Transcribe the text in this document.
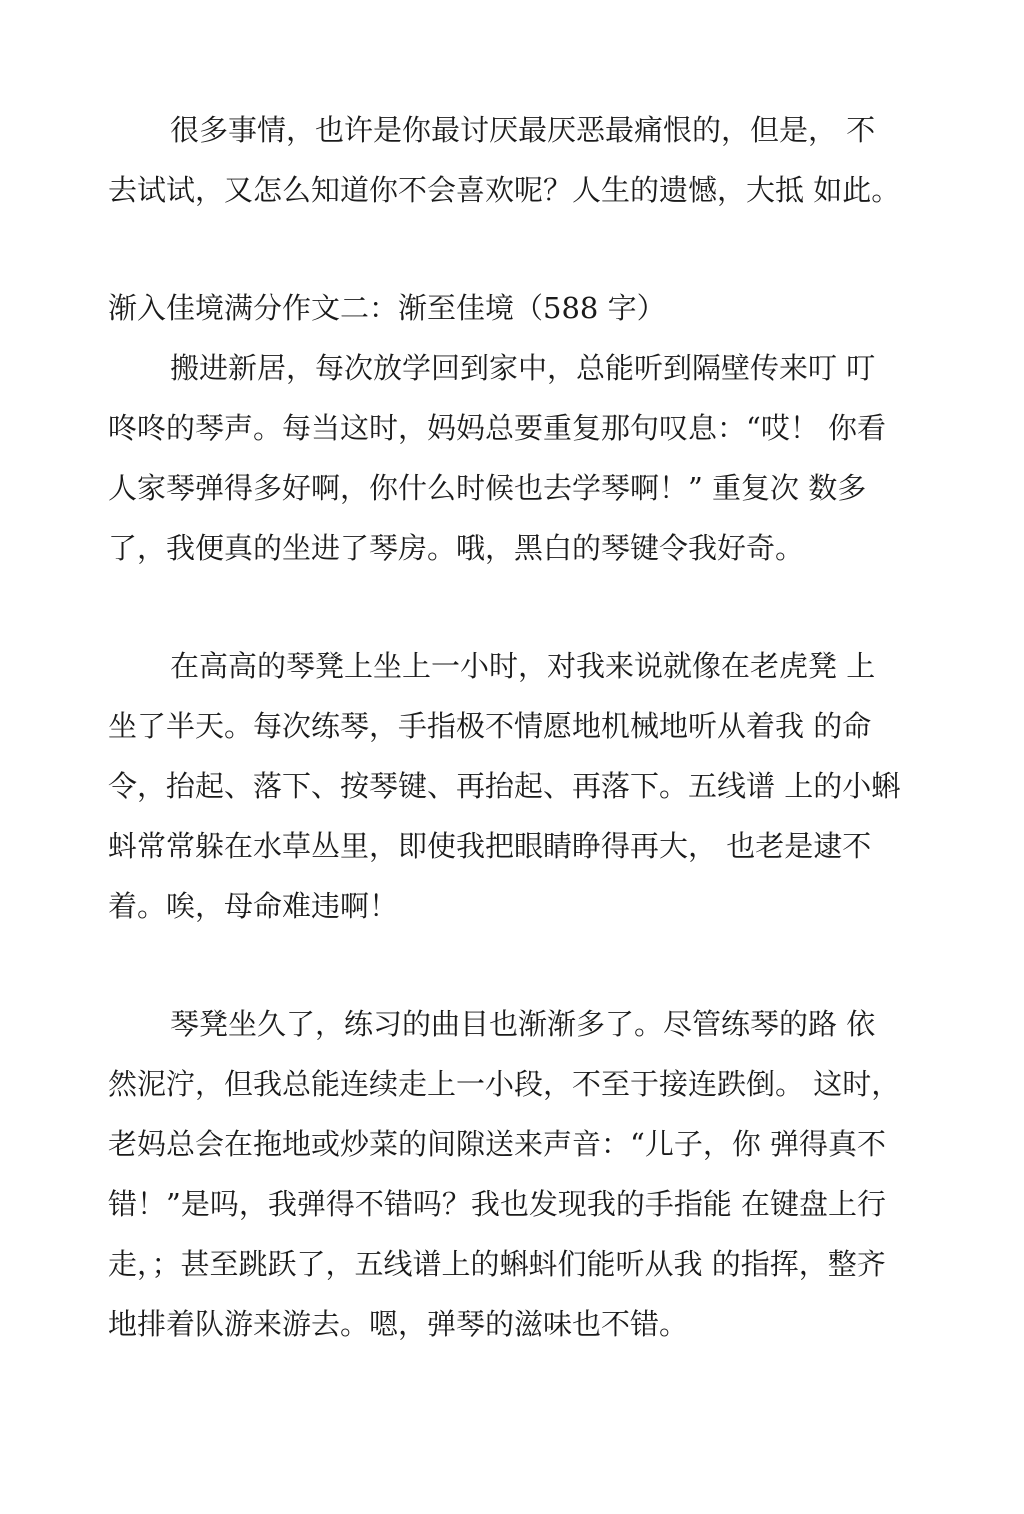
很多事情，也许是你最讨厌最厌恶最痛恨的，但是， 不
去试试，又怎么知道你不会喜欢呢？人生的遗憾，大抵 如此。
渐入佳境满分作文二：渐至佳境（588 字）
搬进新居，每次放学回到家中，总能听到隔壁传来叮 叮
咚咚的琴声。每当这时，妈妈总要重复那句叹息：“哎！ 你看
人家琴弹得多好啊，你什么时候也去学琴啊！” 重复次 数多
了，我便真的坐进了琴房。哦，黑白的琴键令我好奇。
在高高的琴凳上坐上一小时，对我来说就像在老虎凳 上
坐了半天。每次练琴，手指极不情愿地机械地听从着我 的命
令，抬起、落下、按琴键、再抬起、再落下。五线谱 上的小蝌
蚪常常躲在水草丛里，即使我把眼睛睁得再大， 也老是逮不
着。唉，母命难违啊！
琴凳坐久了，练习的曲目也渐渐多了。尽管练琴的路 依
然泥泞，但我总能连续走上一小段，不至于接连跌倒。 这时，
老妈总会在拖地或炒菜的间隙送来声音：“儿子，你 弹得真不
错！”是吗，我弹得不错吗？我也发现我的手指能 在键盘上行
走，；甚至跳跃了，五线谱上的蝌蚪们能听从我 的指挥，整齐
地排着队游来游去。嗯，弹琴的滋味也不错。
